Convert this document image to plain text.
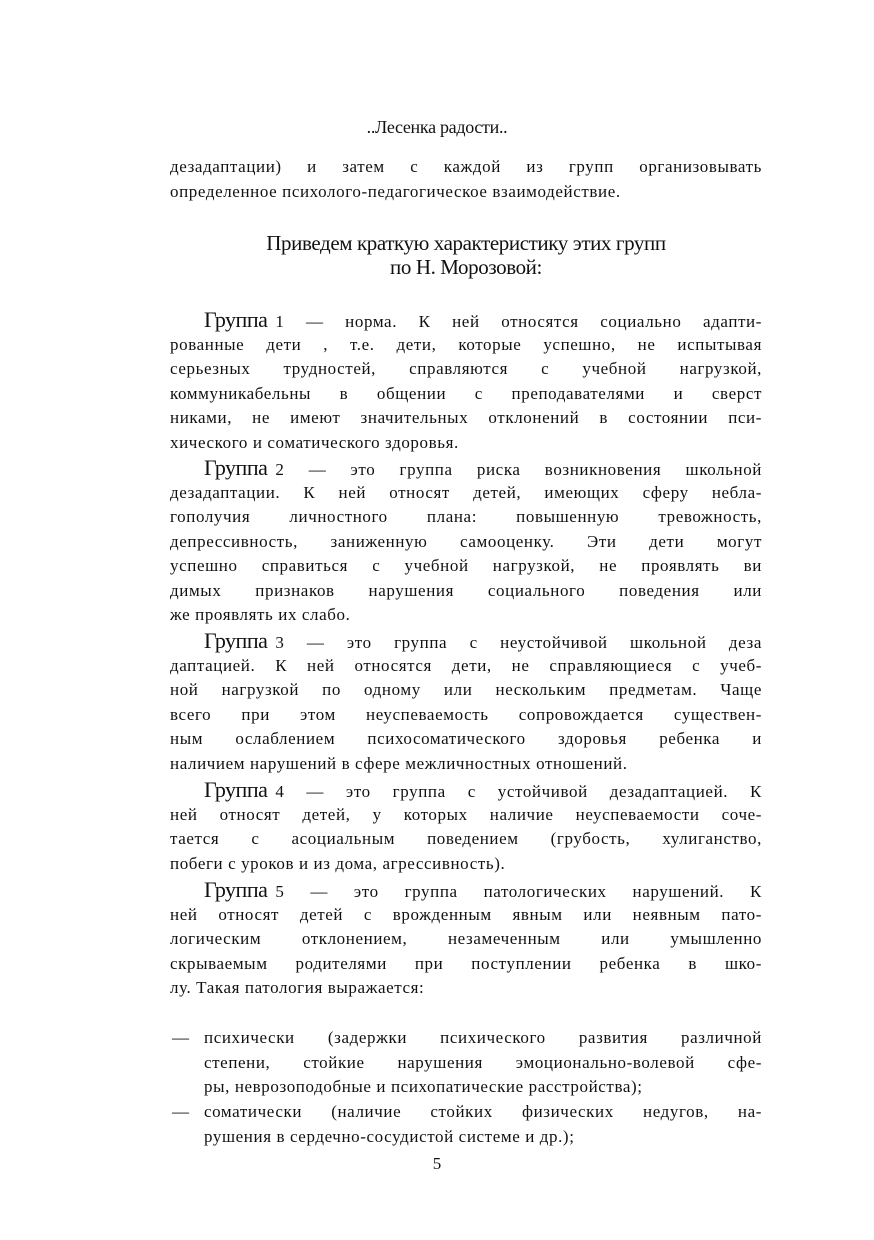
..Лесенка радости..
дезадаптации) и затем с каждой из групп организовывать
определенное психолого-педагогическое взаимодействие.
Приведем краткую характеристику этих групп
по Н. Морозовой:
Группа 1 — норма. К ней относятся социально адапти-
рованные дети , т.е. дети, которые успешно, не испытывая
серьезных трудностей, справляются с учебной нагрузкой,
коммуникабельны в общении с преподавателями и сверст
никами, не имеют значительных отклонений в состоянии пси-
хического и соматического здоровья.
Группа 2 — это группа риска возникновения школьной
дезадаптации. К ней относят детей, имеющих сферу небла-
гополучия личностного плана: повышенную тревожность,
депрессивность, заниженную самооценку. Эти дети могут
успешно справиться с учебной нагрузкой, не проявлять ви
димых признаков нарушения социального поведения или
же проявлять их слабо.
Группа 3 — это группа с неустойчивой школьной деза
даптацией. К ней относятся дети, не справляющиеся с учеб-
ной нагрузкой по одному или нескольким предметам. Чаще
всего при этом неуспеваемость сопровождается существен-
ным ослаблением психосоматического здоровья ребенка и
наличием нарушений в сфере межличностных отношений.
Группа 4 — это группа с устойчивой дезадаптацией. К
ней относят детей, у которых наличие неуспеваемости соче-
тается с асоциальным поведением (грубость, хулиганство,
побеги с уроков и из дома, агрессивность).
Группа 5 — это группа патологических нарушений. К
ней относят детей с врожденным явным или неявным пато-
логическим отклонением, незамеченным или умышленно
скрываемым родителями при поступлении ребенка в шко-
лу. Такая патология выражается:
— психически (задержки психического развития различной
степени, стойкие нарушения эмоционально-волевой сфе-
ры, неврозоподобные и психопатические расстройства);
— соматически (наличие стойких физических недугов, на-
рушения в сердечно-сосудистой системе и др.);
5
